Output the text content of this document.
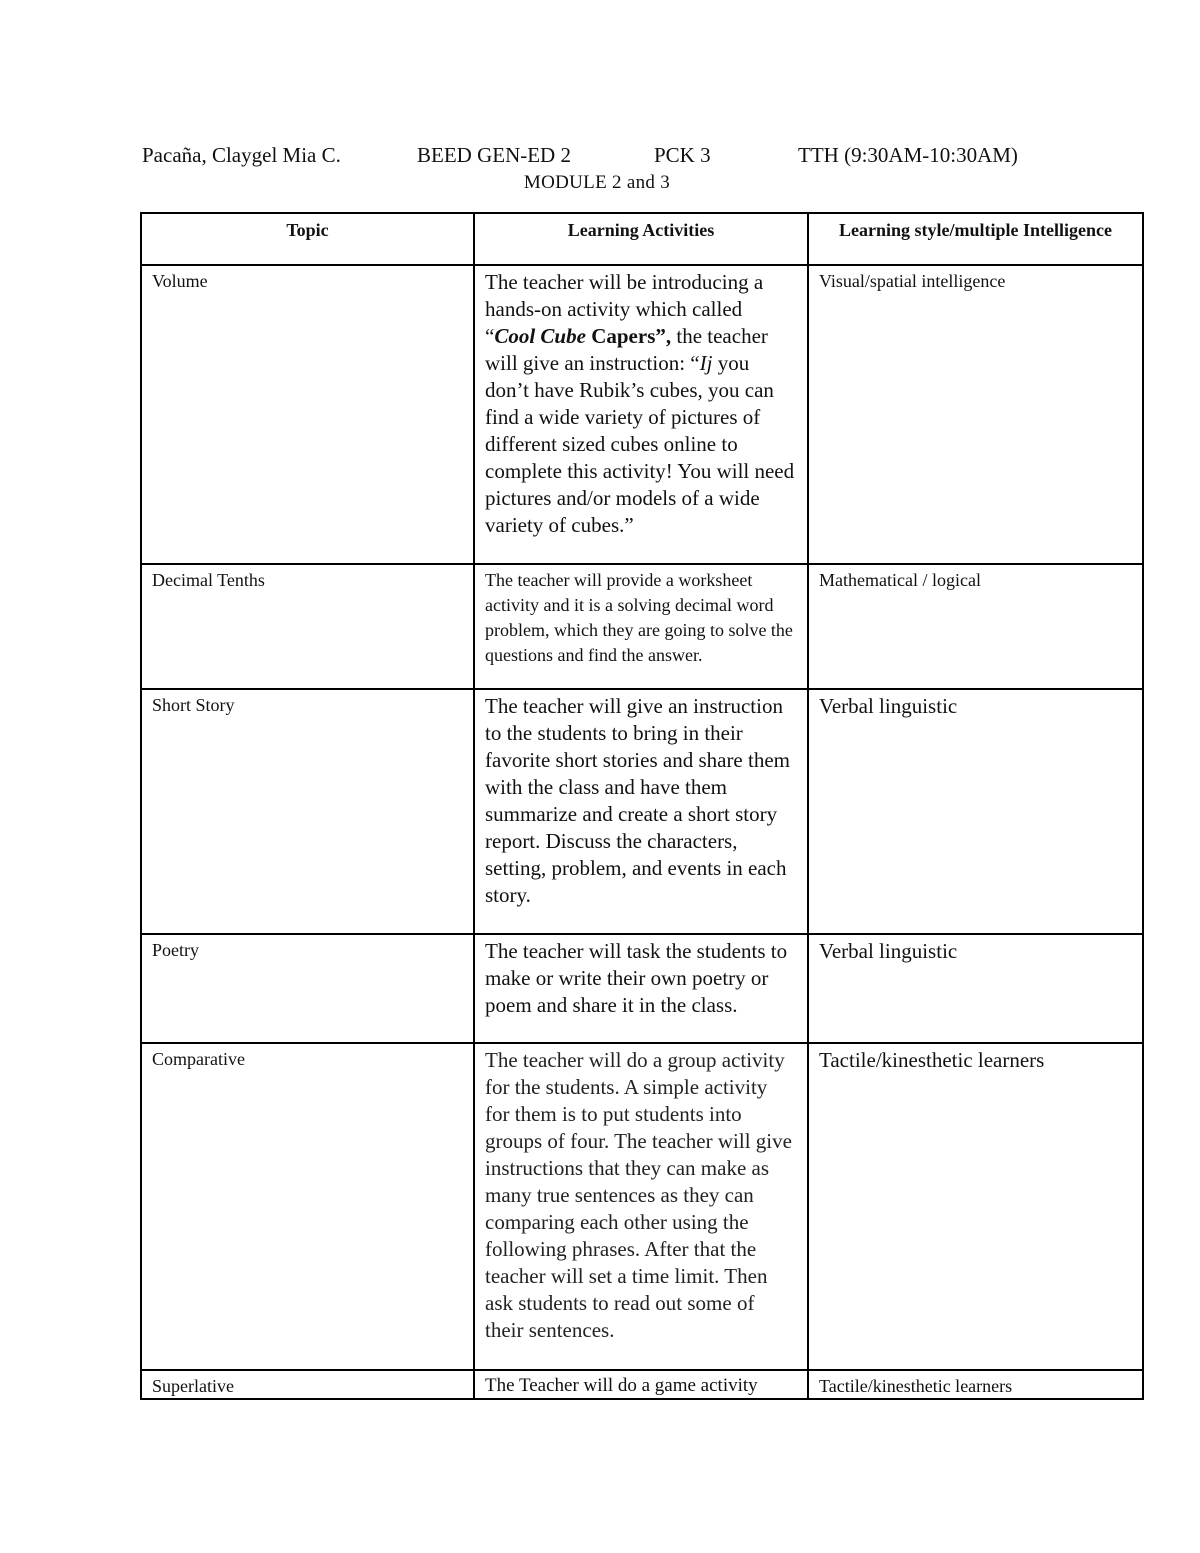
Pacaña, Claygel Mia C.	BEED GEN-ED 2	PCK 3	TTH (9:30AM-10:30AM)
MODULE 2 and 3
Topic	Learning Activities	Learning style/multiple Intelligence
Volume	The teacher will be introducing a hands-on activity which called “Cool Cube Capers”, the teacher will give an instruction: “Ij you don’t have Rubik’s cubes, you can find a wide variety of pictures of different sized cubes online to complete this activity! You will need pictures and/or models of a wide variety of cubes.”	Visual/spatial intelligence
Decimal Tenths	The teacher will provide a worksheet activity and it is a solving decimal word problem, which they are going to solve the questions and find the answer.	Mathematical / logical
Short Story	The teacher will give an instruction to the students to bring in their favorite short stories and share them with the class and have them summarize and create a short story report. Discuss the characters, setting, problem, and events in each story.	Verbal linguistic
Poetry	The teacher will task the students to make or write their own poetry or poem and share it in the class.	Verbal linguistic
Comparative	The teacher will do a group activity for the students. A simple activity for them is to put students into groups of four. The teacher will give instructions that they can make as many true sentences as they can comparing each other using the following phrases. After that the teacher will set a time limit. Then ask students to read out some of their sentences.	Tactile/kinesthetic learners
Superlative	The Teacher will do a game activity	Tactile/kinesthetic learners
